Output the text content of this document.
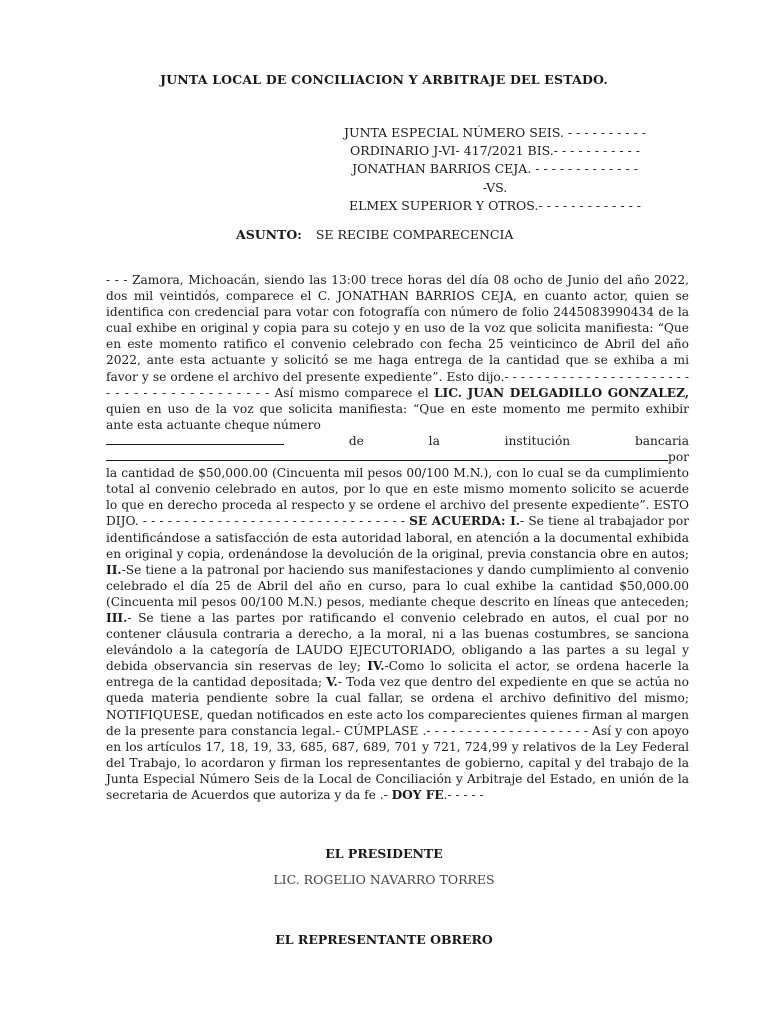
JUNTA LOCAL DE CONCILIACION Y ARBITRAJE DEL ESTADO.
JUNTA ESPECIAL NÚMERO SEIS. - - - - - - - - - -
ORDINARIO J-VI- 417/2021 BIS.- - - - - - - - - - -
JONATHAN BARRIOS CEJA. - - - - - - - - - - - - -
-VS.
ELMEX SUPERIOR Y OTROS.- - - - - - - - - - - - -
ASUNTO: SE RECIBE COMPARECENCIA

- - - Zamora, Michoacán, siendo las 13:00 trece horas del día 08 ocho de Junio del año 2022, dos mil veintidós, comparece el C. JONATHAN BARRIOS CEJA, en cuanto actor, quien se identifica con credencial para votar con fotografía con número de folio 2445083990434 de la cual exhibe en original y copia para su cotejo y en uso de la voz que solicita manifiesta: “Que en este momento ratifico el convenio celebrado con fecha 25 veinticinco de Abril del año 2022, ante esta actuante y solicitó se me haga entrega de la cantidad que se exhiba a mi favor y se ordene el archivo del presente expediente”. Esto dijo.- - - - - - - - - - - - - - - - - - - - - - - - - - - - - - - - - - - - - - - - - Así mismo comparece el LIC. JUAN DELGADILLO GONZALEZ, quien en uso de la voz que solicita manifiesta: “Que en este momento me permito exhibir ante esta actuante cheque número

de	la	institución	bancaria
por

la cantidad de $50,000.00 (Cincuenta mil pesos 00/100 M.N.), con lo cual se da cumplimiento total al convenio celebrado en autos, por lo que en este mismo momento solicito se acuerde lo que en derecho proceda al respecto y se ordene el archivo del presente expediente”. ESTO DIJO. - - - - - - - - - - - - - - - - - - - - - - - - - - - - - - - - SE ACUERDA: I.- Se tiene al trabajador por identificándose a satisfacción de esta autoridad laboral, en atención a la documental exhibida en original y copia, ordenándose la devolución de la original, previa constancia obre en autos; II.-Se tiene a la patronal por haciendo sus manifestaciones y dando cumplimiento al convenio celebrado el día 25 de Abril del año en curso, para lo cual exhibe la cantidad $50,000.00 (Cincuenta mil pesos 00/100 M.N.) pesos, mediante cheque descrito en líneas que anteceden; III.- Se tiene a las partes por ratificando el convenio celebrado en autos, el cual por no contener cláusula contraria a derecho, a la moral, ni a las buenas costumbres, se sanciona elevándolo a la categoría de LAUDO EJECUTORIADO, obligando a las partes a su legal y debida observancia sin reservas de ley; IV.-Como lo solicita el actor, se ordena hacerle la entrega de la cantidad depositada; V.- Toda vez que dentro del expediente en que se actúa no queda materia pendiente sobre la cual fallar, se ordena el archivo definitivo del mismo; NOTIFIQUESE, quedan notificados en este acto los comparecientes quienes firman al margen de la presente para constancia legal.- CÚMPLASE .- - - - - - - - - - - - - - - - - - - - Así y con apoyo en los artículos 17, 18, 19, 33, 685, 687, 689, 701 y 721, 724,99 y relativos de la Ley Federal del Trabajo, lo acordaron y firman los representantes de gobierno, capital y del trabajo de la Junta Especial Número Seis de la Local de Conciliación y Arbitraje del Estado, en unión de la secretaria de Acuerdos que autoriza y da fe .- DOY FE.- - - - -

EL PRESIDENTE
LIC. ROGELIO NAVARRO TORRES
EL REPRESENTANTE OBRERO
